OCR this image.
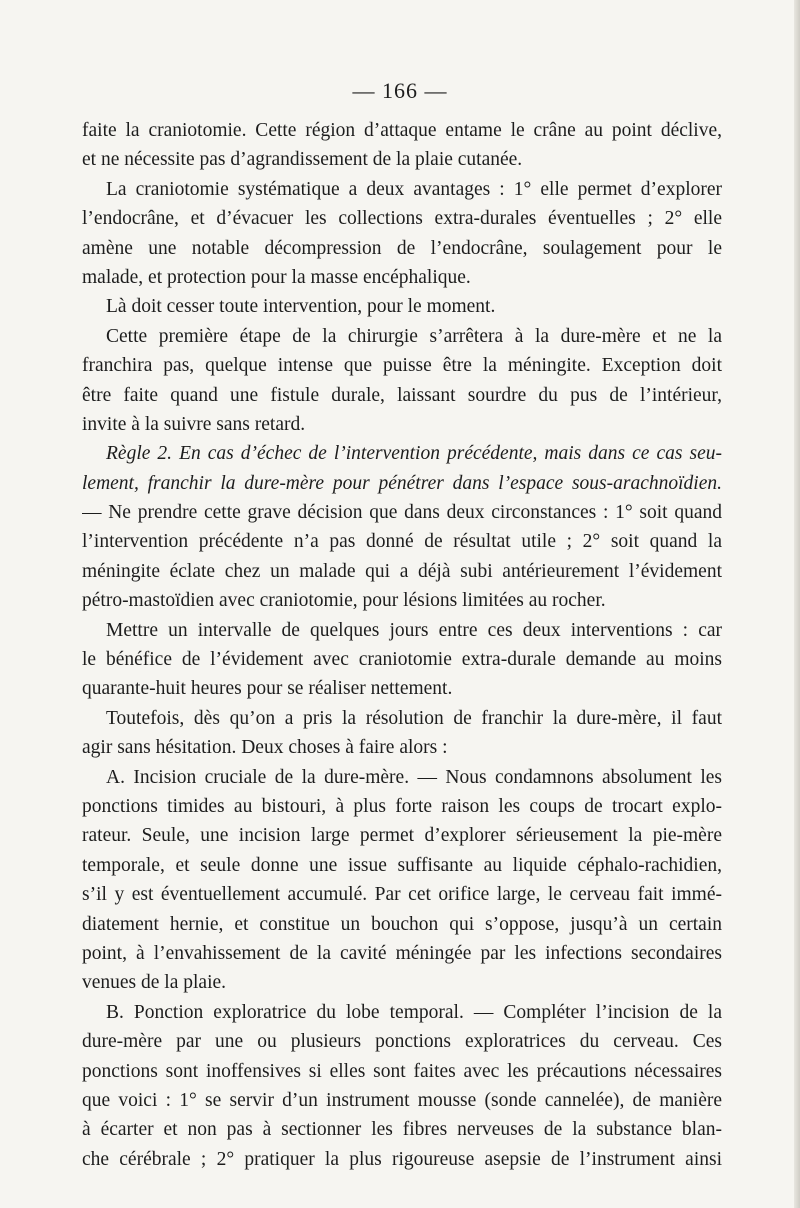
— 166 —
faite la craniotomie. Cette région d’attaque entame le crâne au point déclive,
et ne nécessite pas d’agrandissement de la plaie cutanée.
La craniotomie systématique a deux avantages : 1° elle permet d’explorer
l’endocrâne, et d’évacuer les collections extra-durales éventuelles ; 2° elle
amène une notable décompression de l’endocrâne, soulagement pour le
malade, et protection pour la masse encéphalique.
Là doit cesser toute intervention, pour le moment.
Cette première étape de la chirurgie s’arrêtera à la dure-mère et ne la
franchira pas, quelque intense que puisse être la méningite. Exception doit
être faite quand une fistule durale, laissant sourdre du pus de l’intérieur,
invite à la suivre sans retard.
Règle 2. En cas d’échec de l’intervention précédente, mais dans ce cas seu-
lement, franchir la dure-mère pour pénétrer dans l’espace sous-arachnoïdien.
— Ne prendre cette grave décision que dans deux circonstances : 1° soit quand
l’intervention précédente n’a pas donné de résultat utile ; 2° soit quand la
méningite éclate chez un malade qui a déjà subi antérieurement l’évidement
pétro-mastoïdien avec craniotomie, pour lésions limitées au rocher.
Mettre un intervalle de quelques jours entre ces deux interventions : car
le bénéfice de l’évidement avec craniotomie extra-durale demande au moins
quarante-huit heures pour se réaliser nettement.
Toutefois, dès qu’on a pris la résolution de franchir la dure-mère, il faut
agir sans hésitation. Deux choses à faire alors :
A. Incision cruciale de la dure-mère. — Nous condamnons absolument les
ponctions timides au bistouri, à plus forte raison les coups de trocart explo-
rateur. Seule, une incision large permet d’explorer sérieusement la pie-mère
temporale, et seule donne une issue suffisante au liquide céphalo-rachidien,
s’il y est éventuellement accumulé. Par cet orifice large, le cerveau fait immé-
diatement hernie, et constitue un bouchon qui s’oppose, jusqu’à un certain
point, à l’envahissement de la cavité méningée par les infections secondaires
venues de la plaie.
B. Ponction exploratrice du lobe temporal. — Compléter l’incision de la
dure-mère par une ou plusieurs ponctions exploratrices du cerveau. Ces
ponctions sont inoffensives si elles sont faites avec les précautions nécessaires
que voici : 1° se servir d’un instrument mousse (sonde cannelée), de manière
à écarter et non pas à sectionner les fibres nerveuses de la substance blan-
che cérébrale ; 2° pratiquer la plus rigoureuse asepsie de l’instrument ainsi
